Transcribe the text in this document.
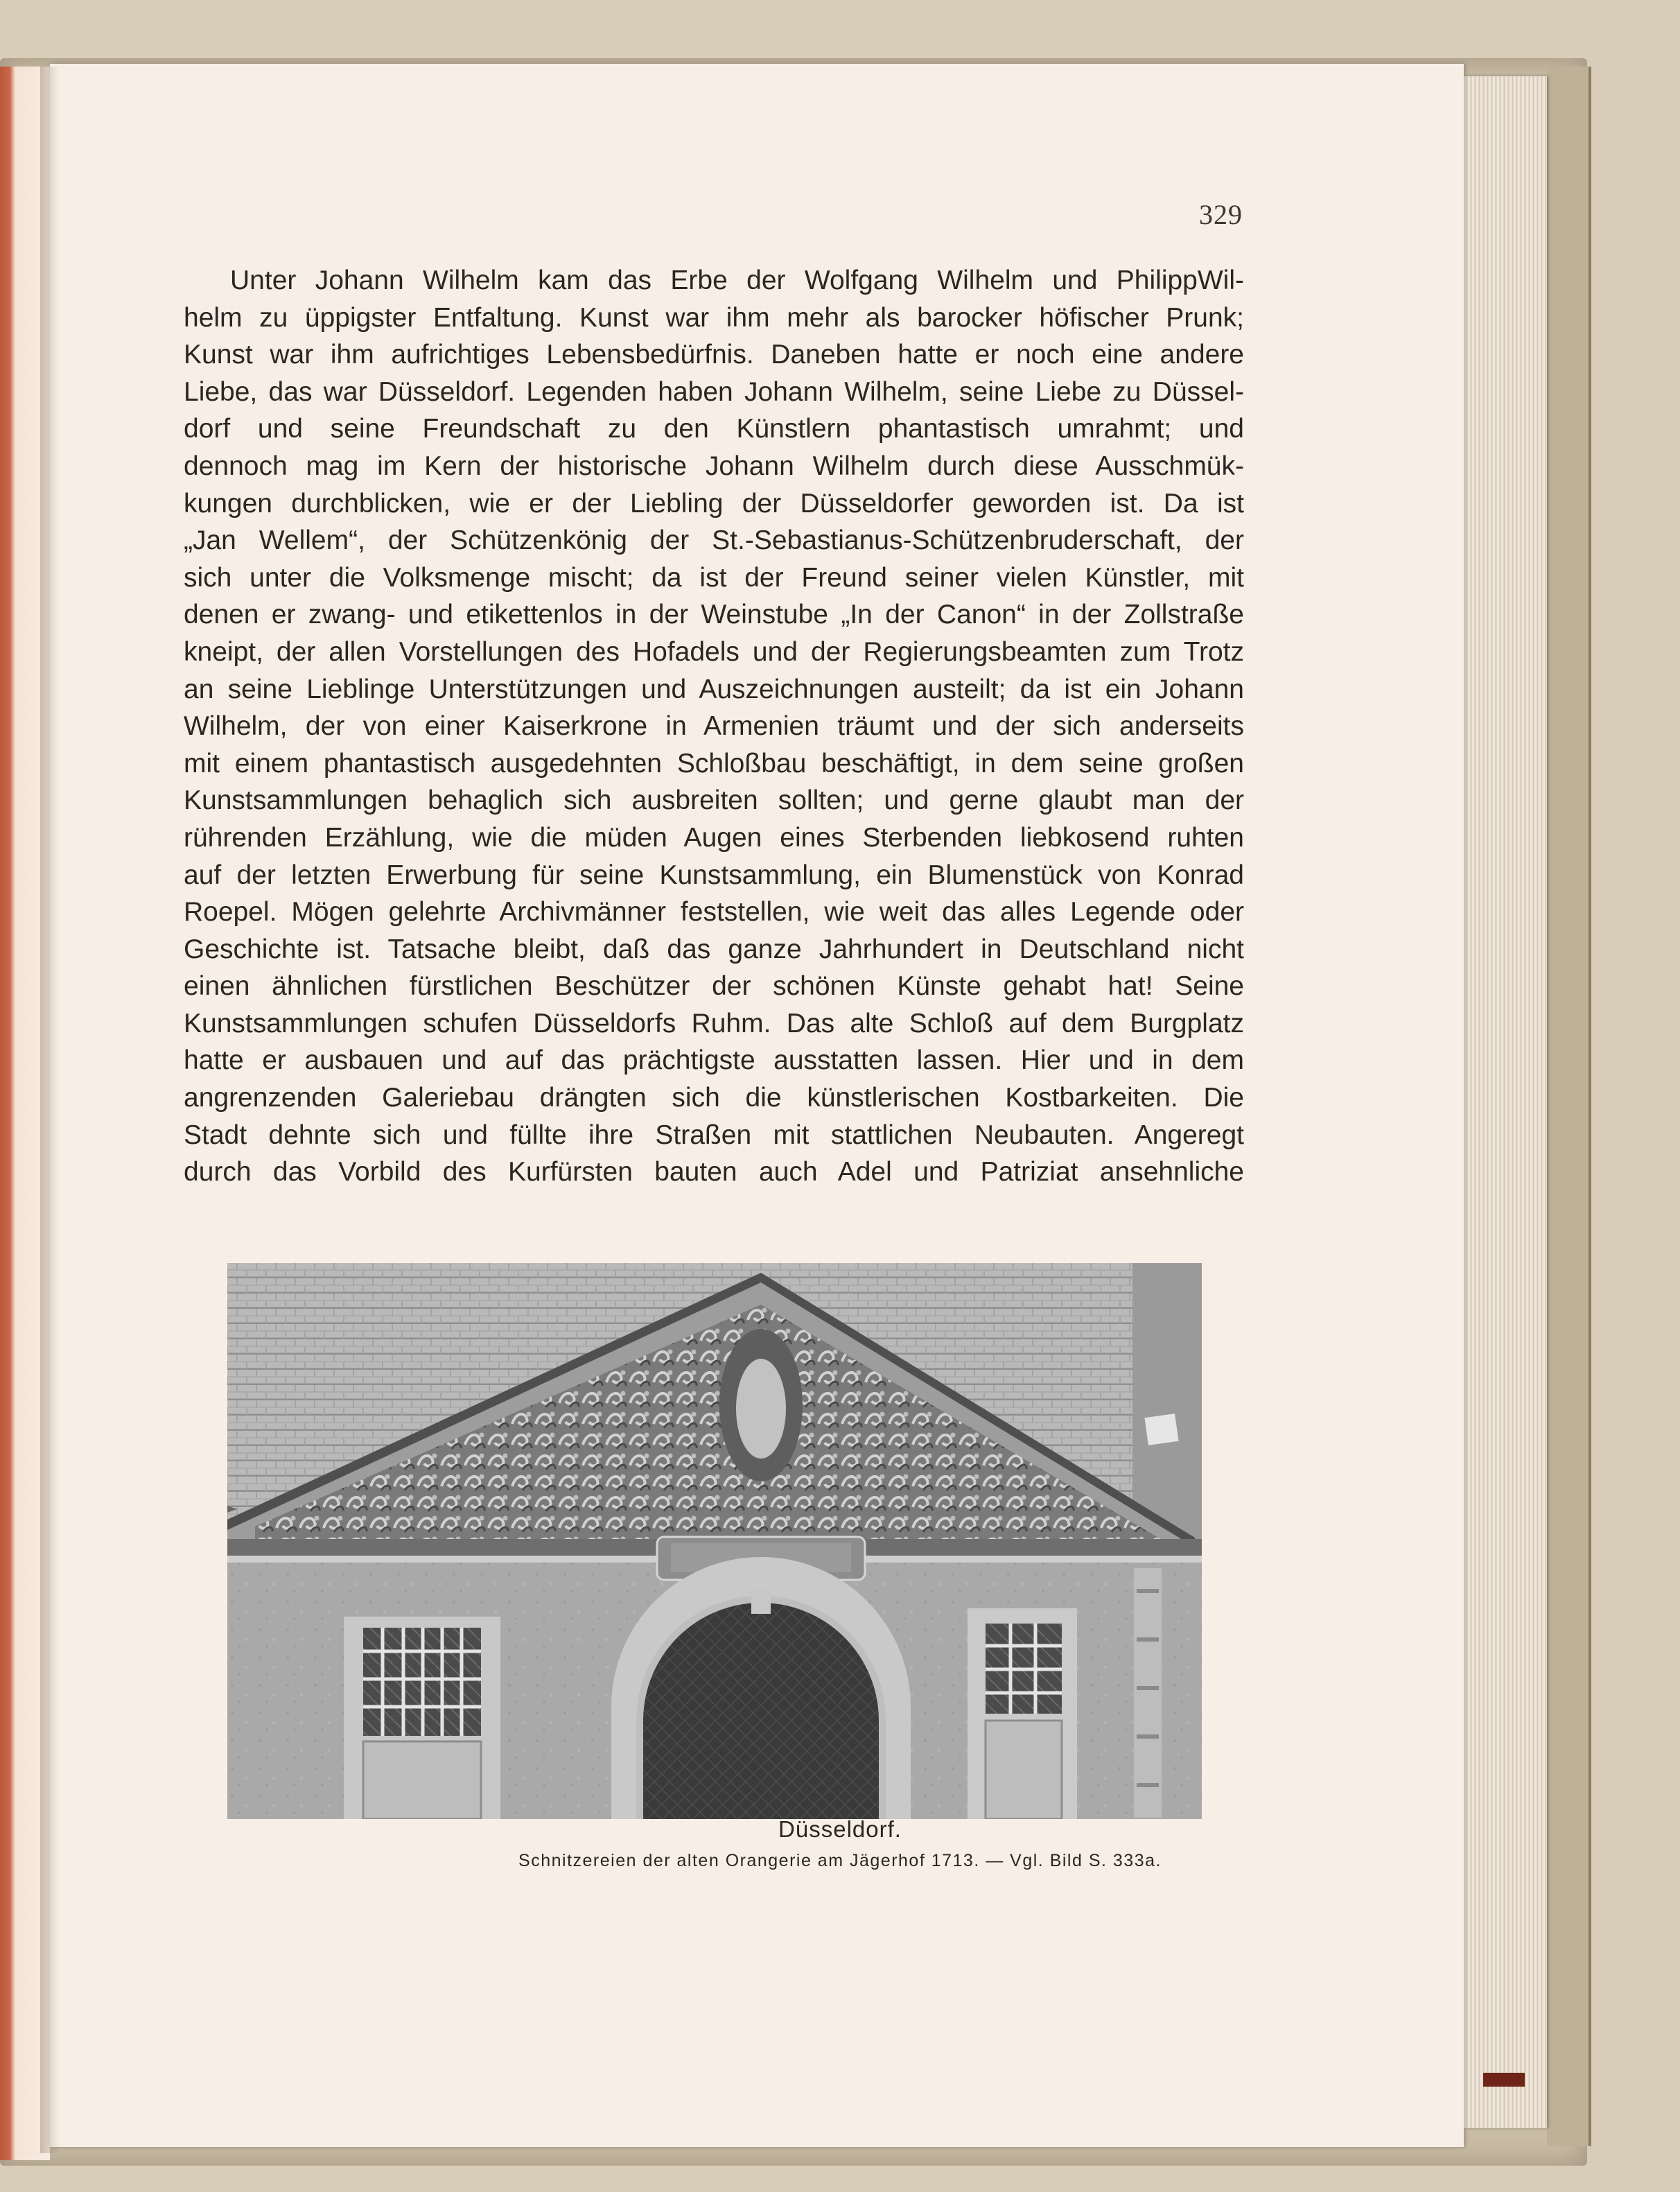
329
Unter Johann Wilhelm kam das Erbe der Wolfgang Wilhelm und PhilippWil-
helm zu üppigster Entfaltung. Kunst war ihm mehr als barocker höfischer Prunk;
Kunst war ihm aufrichtiges Lebensbedürfnis. Daneben hatte er noch eine andere
Liebe, das war Düsseldorf. Legenden haben Johann Wilhelm, seine Liebe zu Düssel-
dorf und seine Freundschaft zu den Künstlern phantastisch umrahmt; und
dennoch mag im Kern der historische Johann Wilhelm durch diese Ausschmük-
kungen durchblicken, wie er der Liebling der Düsseldorfer geworden ist. Da ist
„Jan Wellem“, der Schützenkönig der St.-Sebastianus-Schützenbruderschaft, der
sich unter die Volksmenge mischt; da ist der Freund seiner vielen Künstler, mit
denen er zwang- und etikettenlos in der Weinstube „In der Canon“ in der Zollstraße
kneipt, der allen Vorstellungen des Hofadels und der Regierungsbeamten zum Trotz
an seine Lieblinge Unterstützungen und Auszeichnungen austeilt; da ist ein Johann
Wilhelm, der von einer Kaiserkrone in Armenien träumt und der sich anderseits
mit einem phantastisch ausgedehnten Schloßbau beschäftigt, in dem seine großen
Kunstsammlungen behaglich sich ausbreiten sollten; und gerne glaubt man der
rührenden Erzählung, wie die müden Augen eines Sterbenden liebkosend ruhten
auf der letzten Erwerbung für seine Kunstsammlung, ein Blumenstück von Konrad
Roepel. Mögen gelehrte Archivmänner feststellen, wie weit das alles Legende oder
Geschichte ist. Tatsache bleibt, daß das ganze Jahrhundert in Deutschland nicht
einen ähnlichen fürstlichen Beschützer der schönen Künste gehabt hat! Seine
Kunstsammlungen schufen Düsseldorfs Ruhm. Das alte Schloß auf dem Burgplatz
hatte er ausbauen und auf das prächtigste ausstatten lassen. Hier und in dem
angrenzenden Galeriebau drängten sich die künstlerischen Kostbarkeiten. Die
Stadt dehnte sich und füllte ihre Straßen mit stattlichen Neubauten. Angeregt
durch das Vorbild des Kurfürsten bauten auch Adel und Patriziat ansehnliche
Düsseldorf.
Schnitzereien der alten Orangerie am Jägerhof 1713. — Vgl. Bild S. 333a.
